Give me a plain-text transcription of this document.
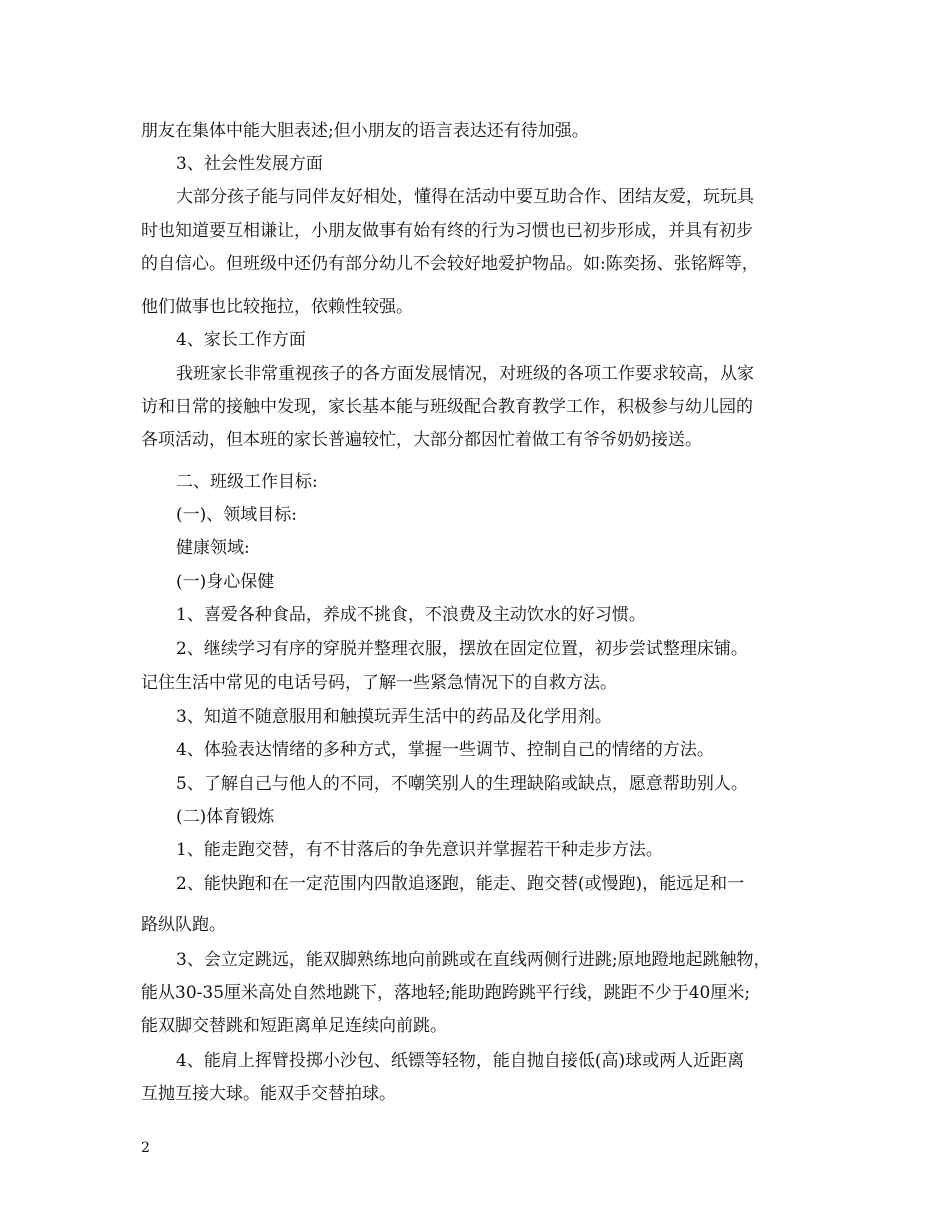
朋友在集体中能大胆表述;但小朋友的语言表达还有待加强。
3、社会性发展方面
大部分孩子能与同伴友好相处，懂得在活动中要互助合作、团结友爱，玩玩具
时也知道要互相谦让，小朋友做事有始有终的行为习惯也已初步形成，并具有初步
的自信心。但班级中还仍有部分幼儿不会较好地爱护物品。如:陈奕扬、张铭辉等，
他们做事也比较拖拉，依赖性较强。
4、家长工作方面
我班家长非常重视孩子的各方面发展情况，对班级的各项工作要求较高，从家
访和日常的接触中发现，家长基本能与班级配合教育教学工作，积极参与幼儿园的
各项活动，但本班的家长普遍较忙，大部分都因忙着做工有爷爷奶奶接送。
二、班级工作目标:
(一)、领域目标:
健康领域:
(一)身心保健
1、喜爱各种食品，养成不挑食，不浪费及主动饮水的好习惯。
2、继续学习有序的穿脱并整理衣服，摆放在固定位置，初步尝试整理床铺。
记住生活中常见的电话号码，了解一些紧急情况下的自救方法。
3、知道不随意服用和触摸玩弄生活中的药品及化学用剂。
4、体验表达情绪的多种方式，掌握一些调节、控制自己的情绪的方法。
5、了解自己与他人的不同，不嘲笑别人的生理缺陷或缺点，愿意帮助别人。
(二)体育锻炼
1、能走跑交替，有不甘落后的争先意识并掌握若干种走步方法。
2、能快跑和在一定范围内四散追逐跑，能走、跑交替(或慢跑)，能远足和一
路纵队跑。
3、会立定跳远，能双脚熟练地向前跳或在直线两侧行进跳;原地蹬地起跳触物，
能从30-35厘米高处自然地跳下，落地轻;能助跑跨跳平行线，跳距不少于40厘米;
能双脚交替跳和短距离单足连续向前跳。
4、能肩上挥臂投掷小沙包、纸镖等轻物，能自抛自接低(高)球或两人近距离
互抛互接大球。能双手交替拍球。
2
